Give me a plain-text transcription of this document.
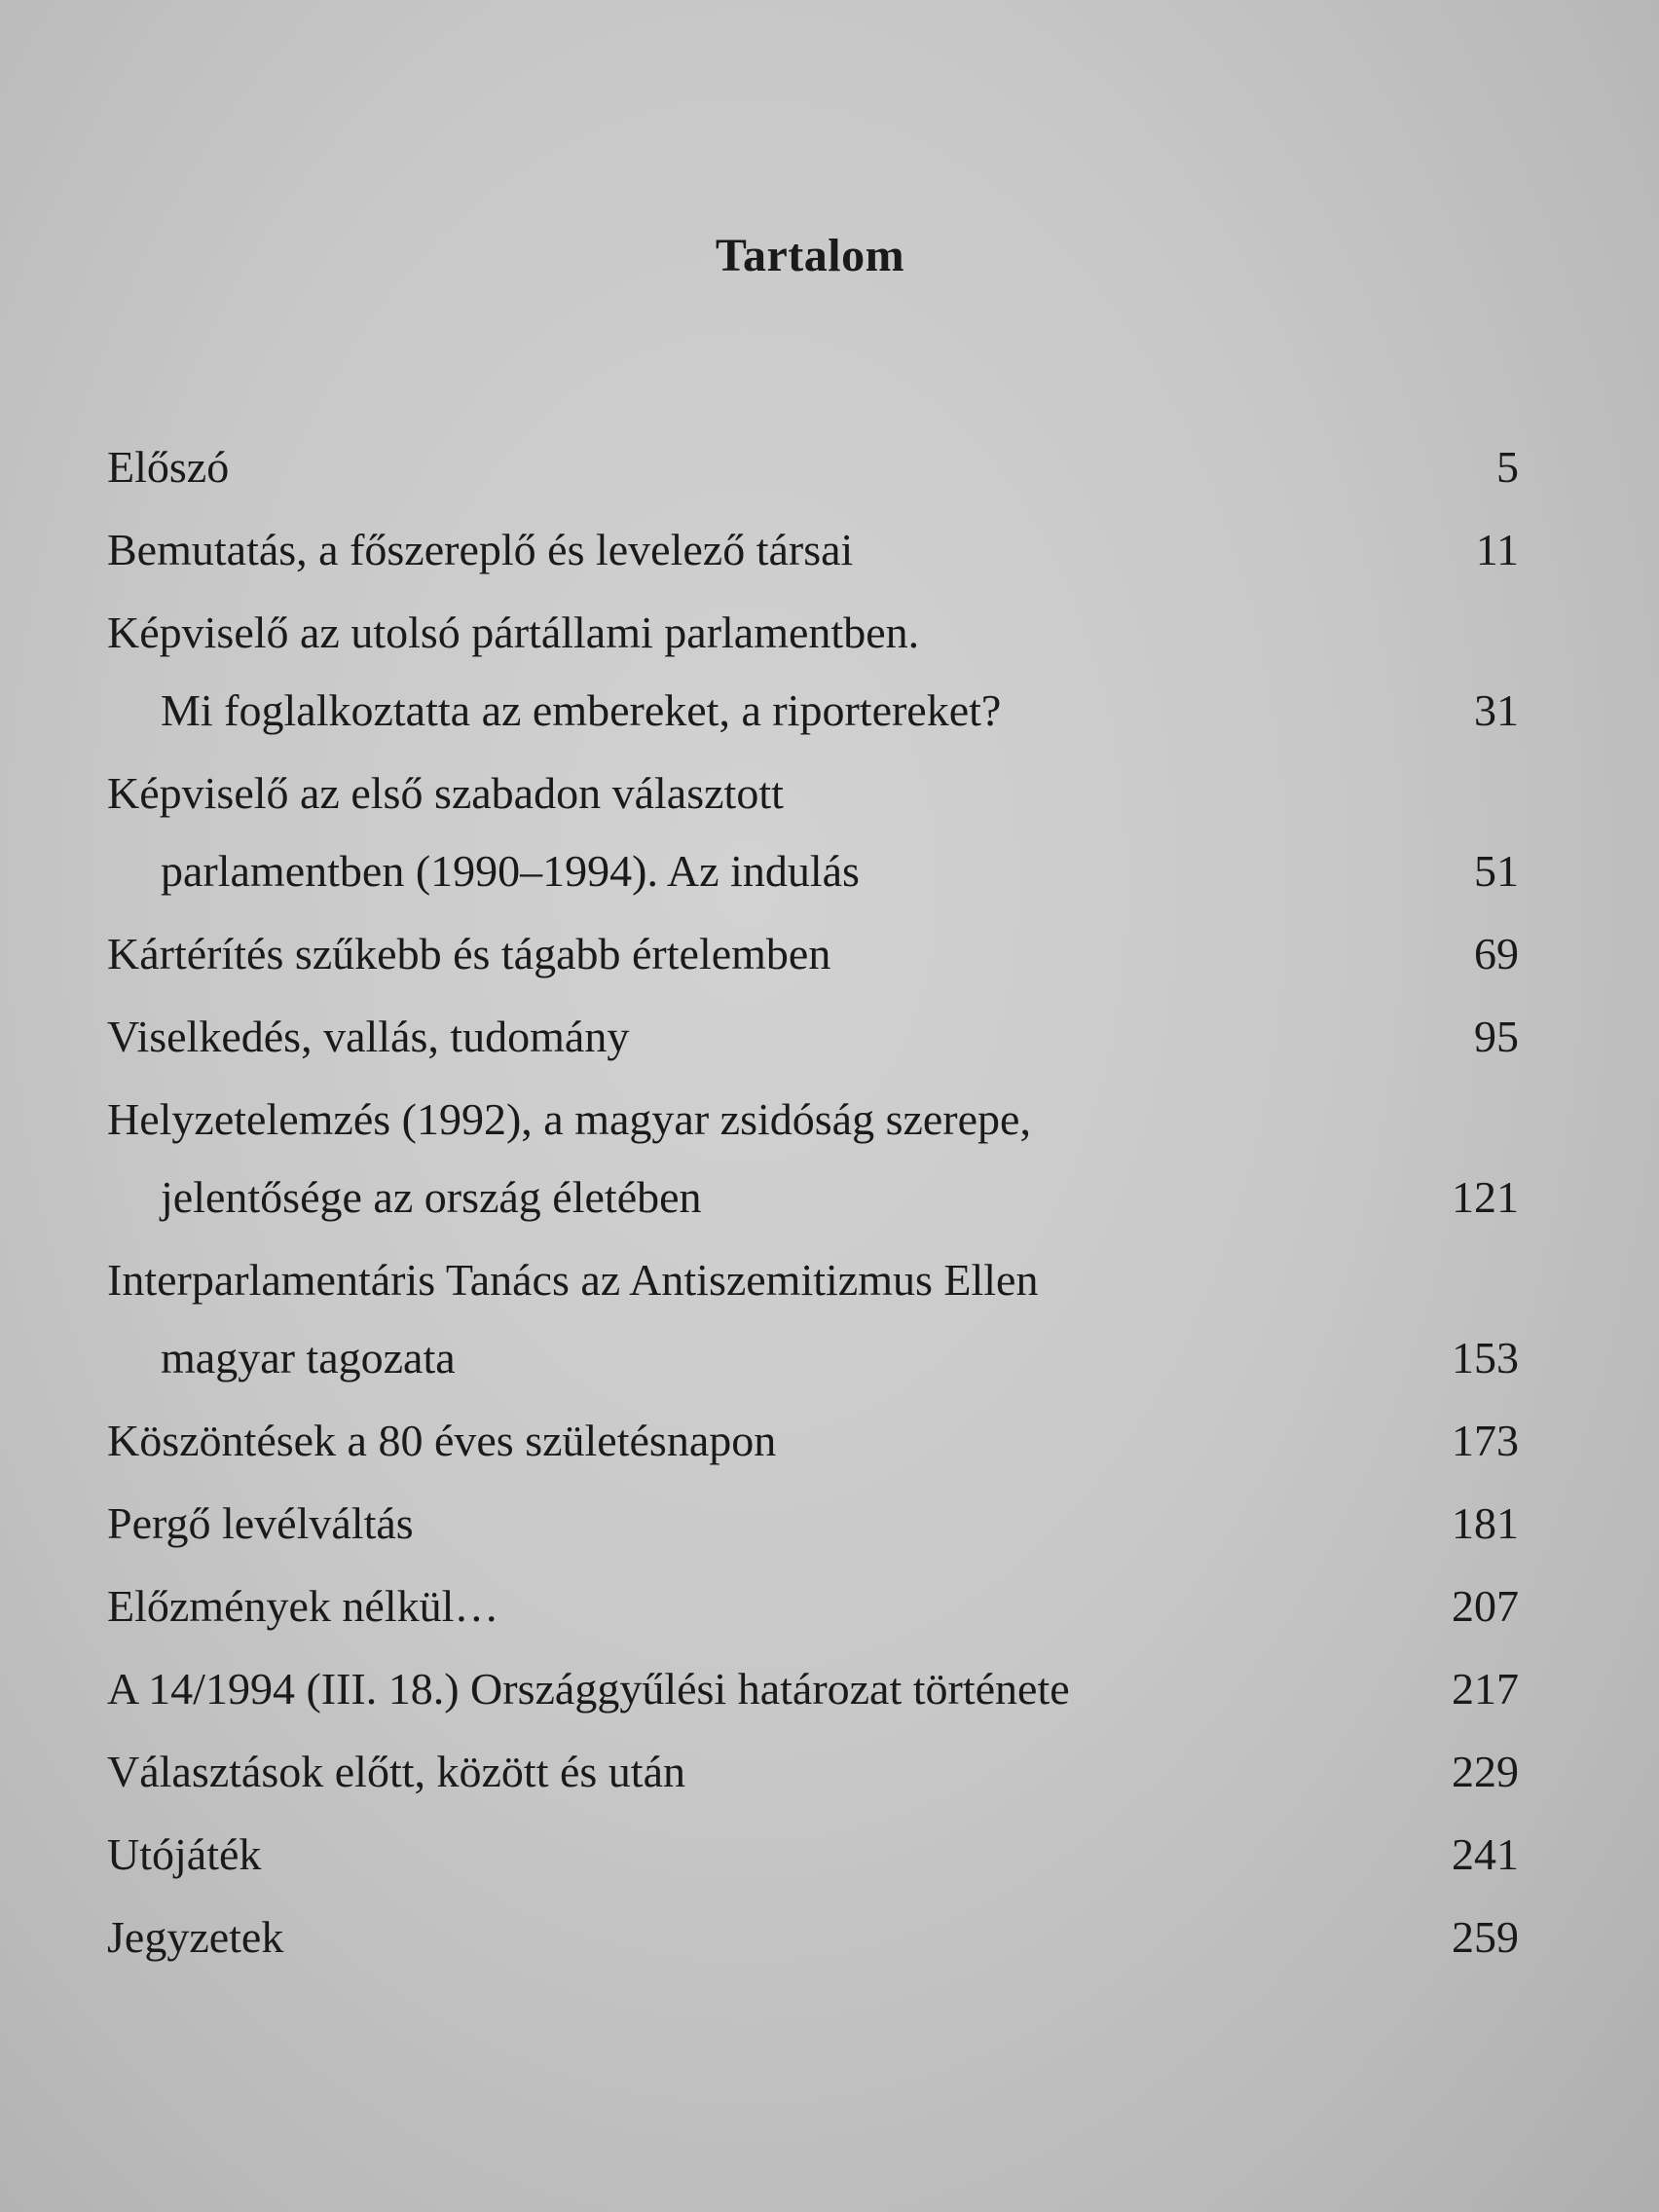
Tartalom
Előszó	5
Bemutatás, a főszereplő és levelező társai	11
Képviselő az utolsó pártállami parlamentben.
Mi foglalkoztatta az embereket, a riportereket?	31
Képviselő az első szabadon választott
parlamentben (1990–1994). Az indulás	51
Kártérítés szűkebb és tágabb értelemben	69
Viselkedés, vallás, tudomány	95
Helyzetelemzés (1992), a magyar zsidóság szerepe,
jelentősége az ország életében	121
Interparlamentáris Tanács az Antiszemitizmus Ellen
magyar tagozata	153
Köszöntések a 80 éves születésnapon	173
Pergő levélváltás	181
Előzmények nélkül…	207
A 14/1994 (III. 18.) Országgyűlési határozat története	217
Választások előtt, között és után	229
Utójáték	241
Jegyzetek	259
